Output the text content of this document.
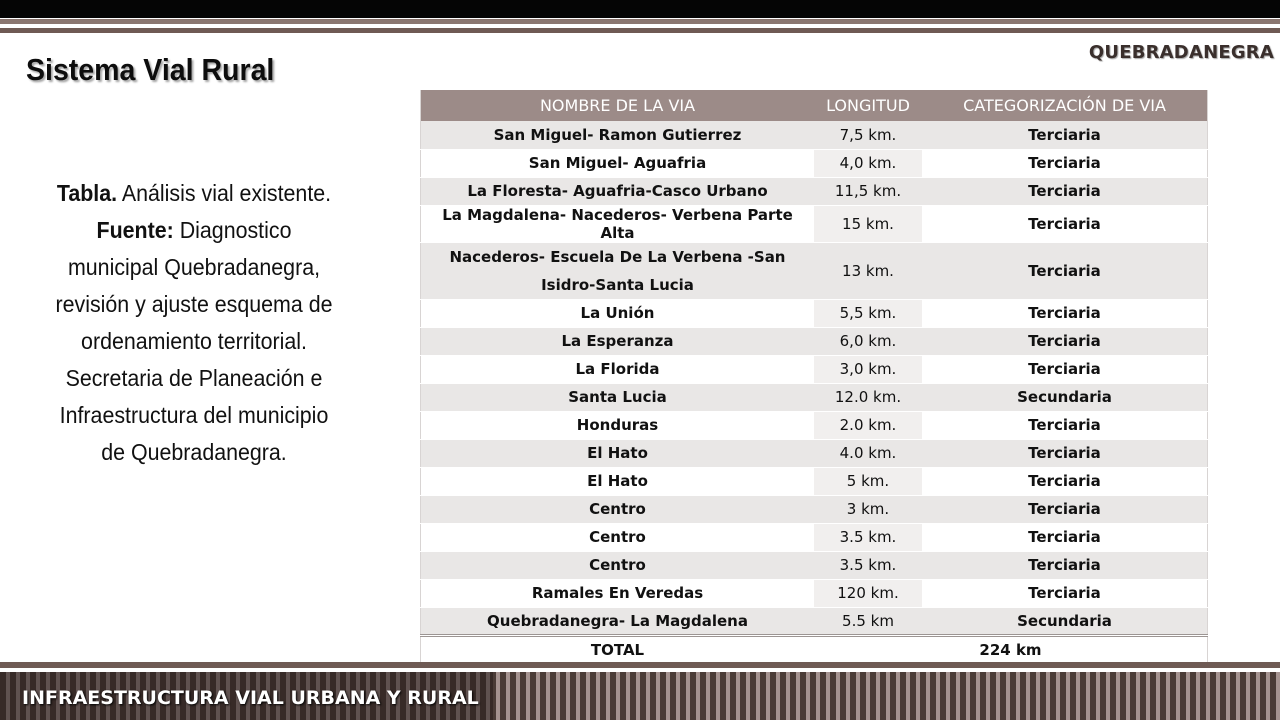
QUEBRADANEGRA
Sistema Vial Rural
Tabla. Análisis vial existente.
Fuente: Diagnostico municipal Quebradanegra, revisión y ajuste esquema de ordenamiento territorial. Secretaria de Planeación e Infraestructura del municipio de Quebradanegra.
NOMBRE DE LA VIA	LONGITUD	CATEGORIZACIÓN DE VIA
San Miguel- Ramon Gutierrez	7,5 km.	Terciaria
San Miguel- Aguafria	4,0 km.	Terciaria
La Floresta- Aguafria-Casco Urbano	11,5 km.	Terciaria
La Magdalena- Nacederos- Verbena Parte Alta	15 km.	Terciaria
Nacederos- Escuela De La Verbena -San Isidro-Santa Lucia	13 km.	Terciaria
La Unión	5,5 km.	Terciaria
La Esperanza	6,0 km.	Terciaria
La Florida	3,0 km.	Terciaria
Santa Lucia	12.0 km.	Secundaria
Honduras	2.0 km.	Terciaria
El Hato	4.0 km.	Terciaria
El Hato	5 km.	Terciaria
Centro	3 km.	Terciaria
Centro	3.5 km.	Terciaria
Centro	3.5 km.	Terciaria
Ramales En Veredas	120 km.	Terciaria
Quebradanegra- La Magdalena	5.5 km	Secundaria
TOTAL	224 km	
INFRAESTRUCTURA VIAL URBANA Y RURAL
